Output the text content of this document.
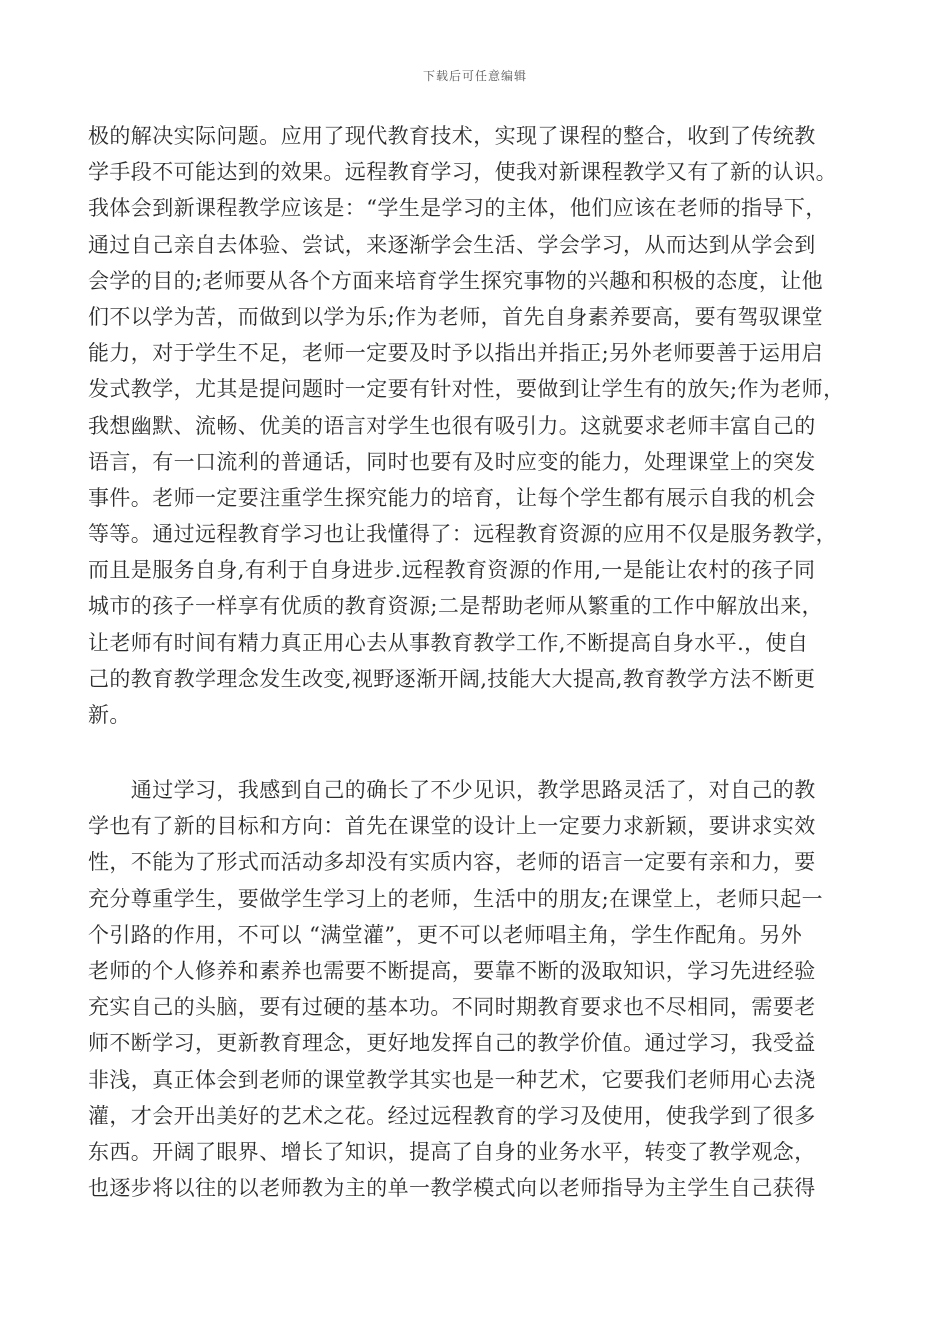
下载后可任意编辑
极的解决实际问题。应用了现代教育技术，实现了课程的整合，收到了传统教
学手段不可能达到的效果。远程教育学习，使我对新课程教学又有了新的认识。
我体会到新课程教学应该是：“学生是学习的主体，他们应该在老师的指导下，
通过自己亲自去体验、尝试，来逐渐学会生活、学会学习，从而达到从学会到
会学的目的;老师要从各个方面来培育学生探究事物的兴趣和积极的态度，让他
们不以学为苦，而做到以学为乐;作为老师，首先自身素养要高，要有驾驭课堂
能力，对于学生不足，老师一定要及时予以指出并指正;另外老师要善于运用启
发式教学，尤其是提问题时一定要有针对性，要做到让学生有的放矢;作为老师，
我想幽默、流畅、优美的语言对学生也很有吸引力。这就要求老师丰富自己的
语言，有一口流利的普通话，同时也要有及时应变的能力，处理课堂上的突发
事件。老师一定要注重学生探究能力的培育，让每个学生都有展示自我的机会
等等。通过远程教育学习也让我懂得了：远程教育资源的应用不仅是服务教学，
而且是服务自身,有利于自身进步.远程教育资源的作用,一是能让农村的孩子同
城市的孩子一样享有优质的教育资源;二是帮助老师从繁重的工作中解放出来，
让老师有时间有精力真正用心去从事教育教学工作,不断提高自身水平.，使自
己的教育教学理念发生改变,视野逐渐开阔,技能大大提高,教育教学方法不断更
新。
　　通过学习，我感到自己的确长了不少见识，教学思路灵活了，对自己的教
学也有了新的目标和方向：首先在课堂的设计上一定要力求新颖，要讲求实效
性，不能为了形式而活动多却没有实质内容，老师的语言一定要有亲和力，要
充分尊重学生，要做学生学习上的老师，生活中的朋友;在课堂上，老师只起一
个引路的作用，不可以 “满堂灌”，更不可以老师唱主角，学生作配角。另外
老师的个人修养和素养也需要不断提高，要靠不断的汲取知识，学习先进经验
充实自己的头脑，要有过硬的基本功。不同时期教育要求也不尽相同，需要老
师不断学习，更新教育理念，更好地发挥自己的教学价值。通过学习，我受益
非浅，真正体会到老师的课堂教学其实也是一种艺术，它要我们老师用心去浇
灌，才会开出美好的艺术之花。经过远程教育的学习及使用，使我学到了很多
东西。开阔了眼界、增长了知识，提高了自身的业务水平，转变了教学观念，
也逐步将以往的以老师教为主的单一教学模式向以老师指导为主学生自己获得
